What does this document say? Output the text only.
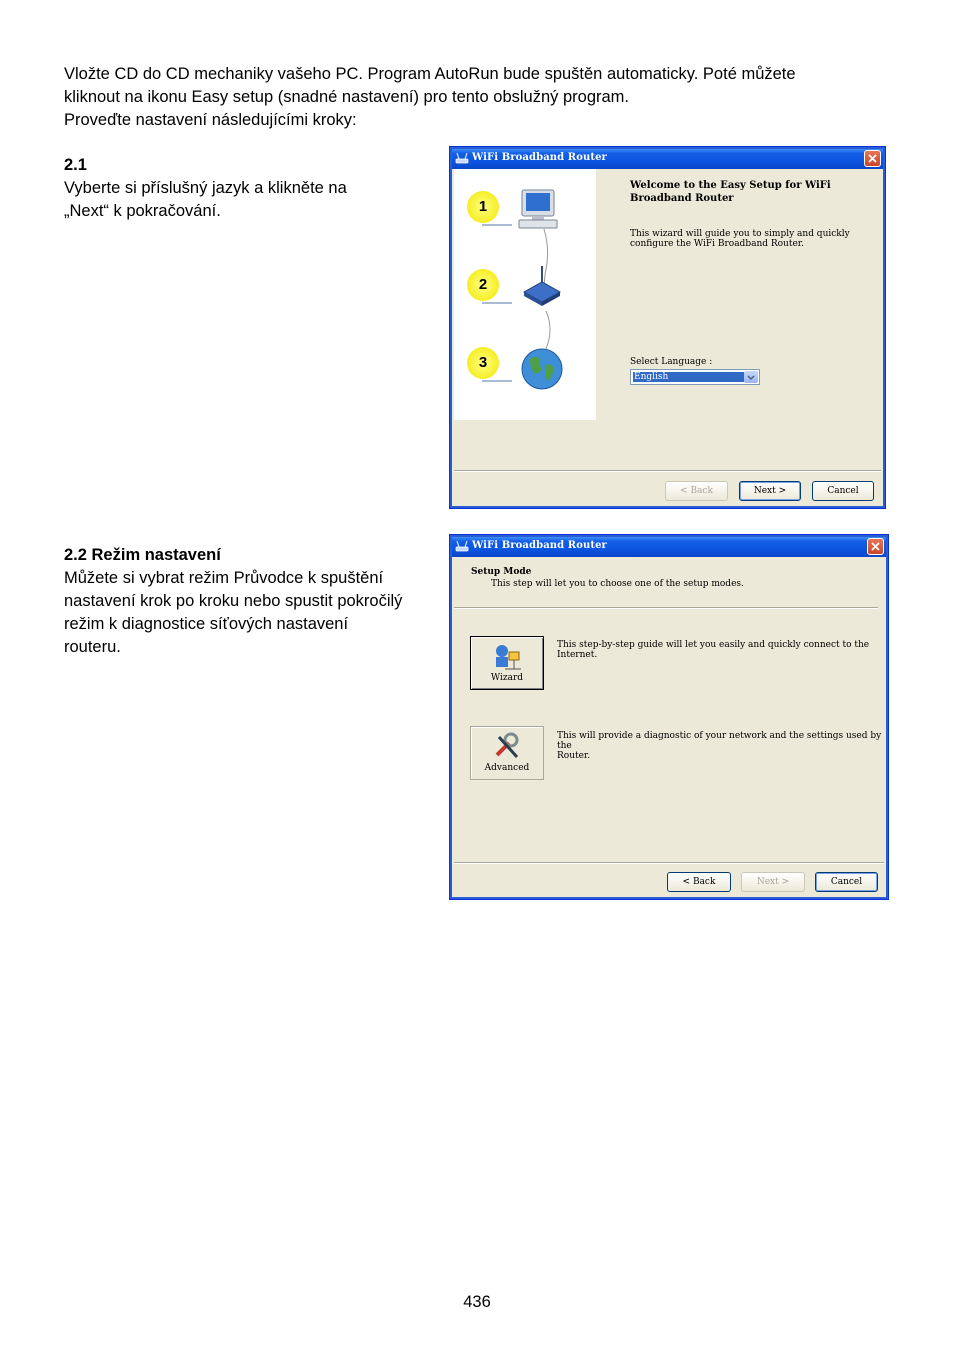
Vložte CD do CD mechaniky vašeho PC. Program AutoRun bude spuštěn automaticky. Poté můžete
kliknout na ikonu Easy setup (snadné nastavení) pro tento obslužný program.
Proveďte nastavení následujícími kroky:
2.1
Vyberte si příslušný jazyk a klikněte na
„Next“ k pokračování.
2.2 Režim nastavení
Můžete si vybrat režim Průvodce k spuštění
nastavení krok po kroku nebo spustit pokročilý
režim k diagnostice síťových nastavení
routeru.
WiFi Broadband Router
1
2
3
Welcome to the Easy Setup for WiFi
Broadband Router
This wizard will guide you to simply and quickly
configure the WiFi Broadband Router.
Select Language :
English
< Back	Next >	Cancel
WiFi Broadband Router
Setup Mode
This step will let you to choose one of the setup modes.
Wizard
This step-by-step guide will let you easily and quickly connect to the
Internet.
Advanced
This will provide a diagnostic of your network and the settings used by the
Router.
< Back	Next >	Cancel
436
